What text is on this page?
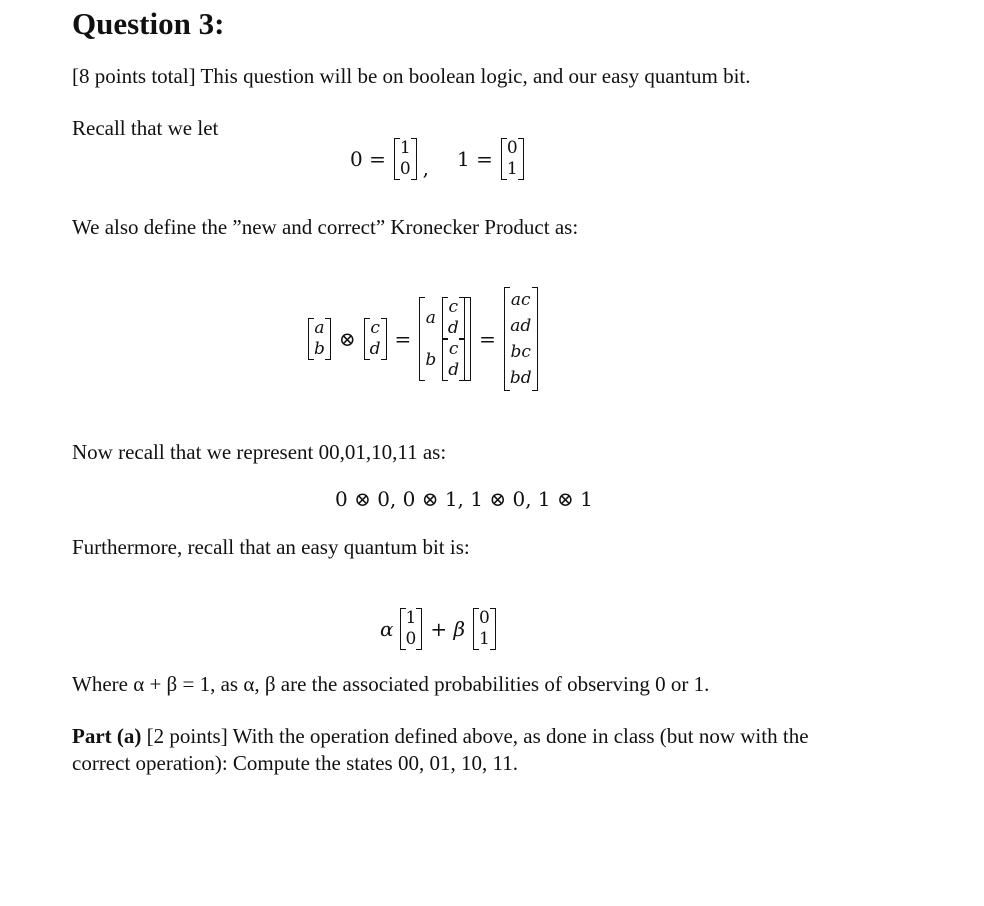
Question 3:
[8 points total] This question will be on boolean logic, and our easy quantum bit.
Recall that we let
0 = 1
0 ,	1 = 0
1
We also define the ”new and correct” Kronecker Product as:
a
b ⊗ c
d =
a
c
d
b
c
d
=
ac
ad
bc
bd
Now recall that we represent 00,01,10,11 as:
0 ⊗ 0, 0 ⊗ 1, 1 ⊗ 0, 1 ⊗ 1
Furthermore, recall that an easy quantum bit is:
α 1
0 + β 0
1
Where α + β = 1, as α, β are the associated probabilities of observing 0 or 1.
Part (a) [2 points] With the operation defined above, as done in class (but now with the correct operation): Compute the states 00, 01, 10, 11.
